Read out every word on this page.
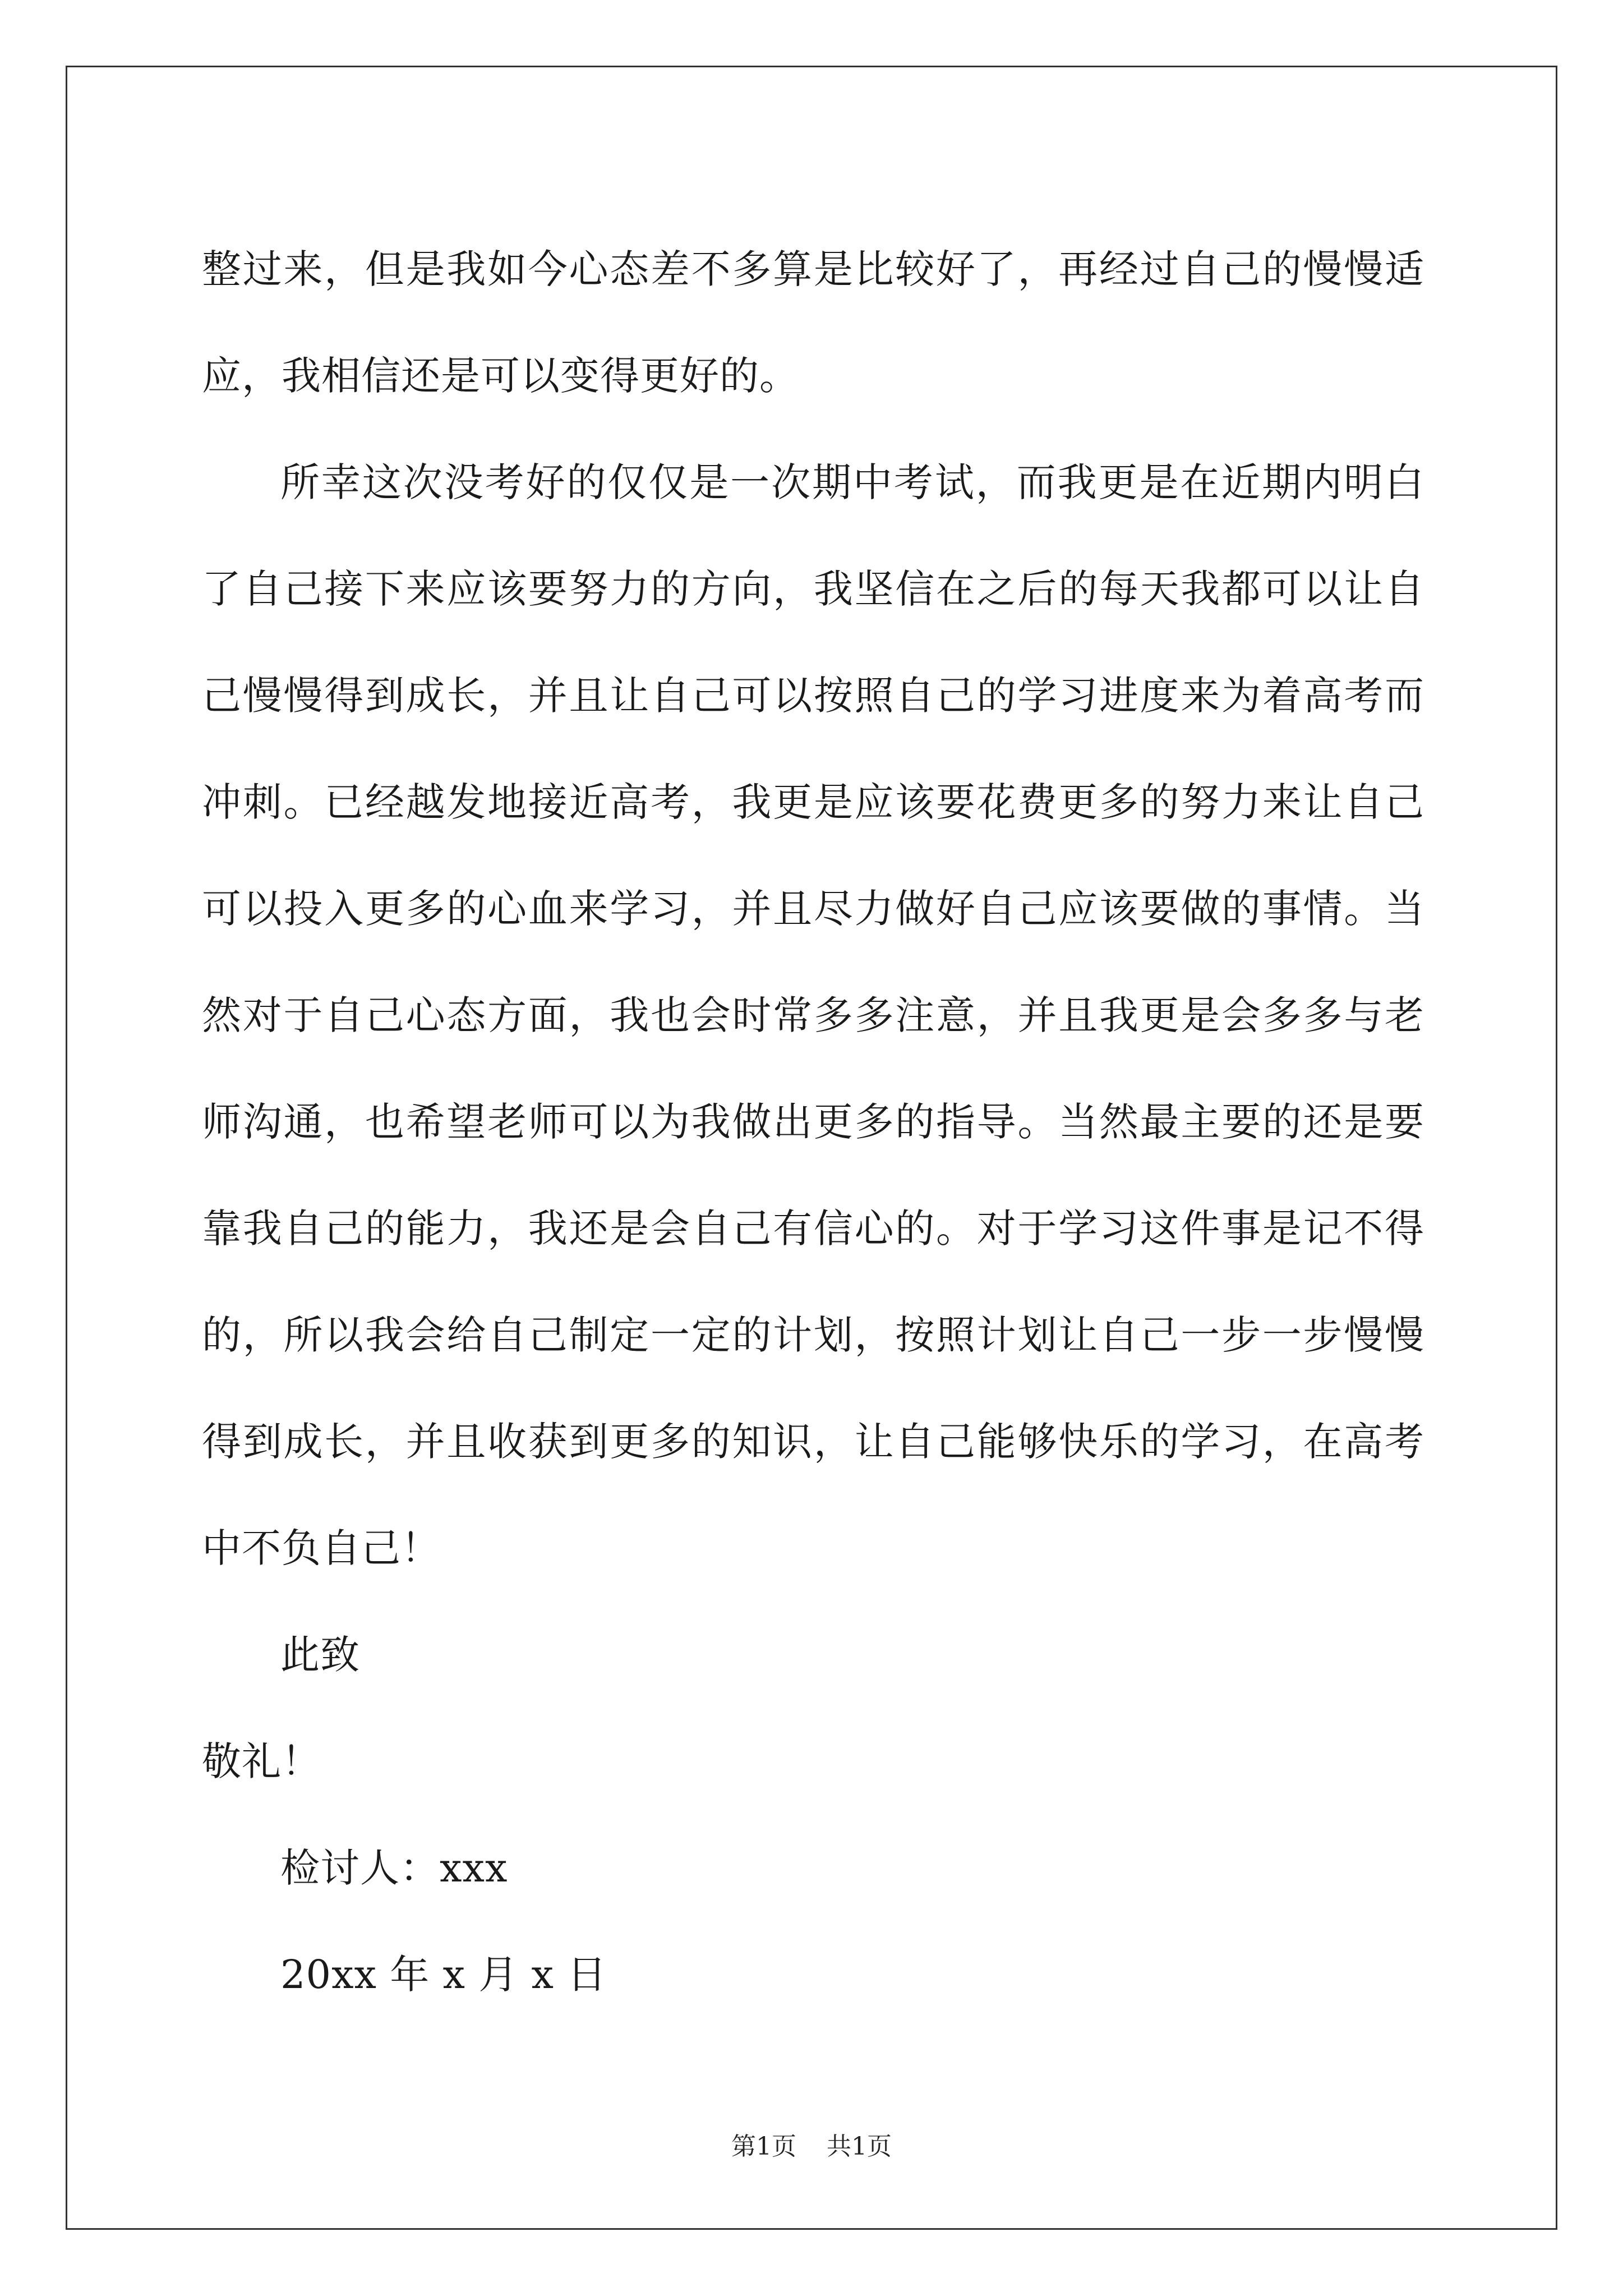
整过来，但是我如今心态差不多算是比较好了，再经过自己的慢慢适
应，我相信还是可以变得更好的。
所幸这次没考好的仅仅是一次期中考试，而我更是在近期内明白
了自己接下来应该要努力的方向，我坚信在之后的每天我都可以让自
己慢慢得到成长，并且让自己可以按照自己的学习进度来为着高考而
冲刺。已经越发地接近高考，我更是应该要花费更多的努力来让自己
可以投入更多的心血来学习，并且尽力做好自己应该要做的事情。当
然对于自己心态方面，我也会时常多多注意，并且我更是会多多与老
师沟通，也希望老师可以为我做出更多的指导。当然最主要的还是要
靠我自己的能力，我还是会自己有信心的。对于学习这件事是记不得
的，所以我会给自己制定一定的计划，按照计划让自己一步一步慢慢
得到成长，并且收获到更多的知识，让自己能够快乐的学习，在高考
中不负自己！
此致
敬礼！
检讨人：xxx
20xx 年 x 月 x 日
第1页 共1页
